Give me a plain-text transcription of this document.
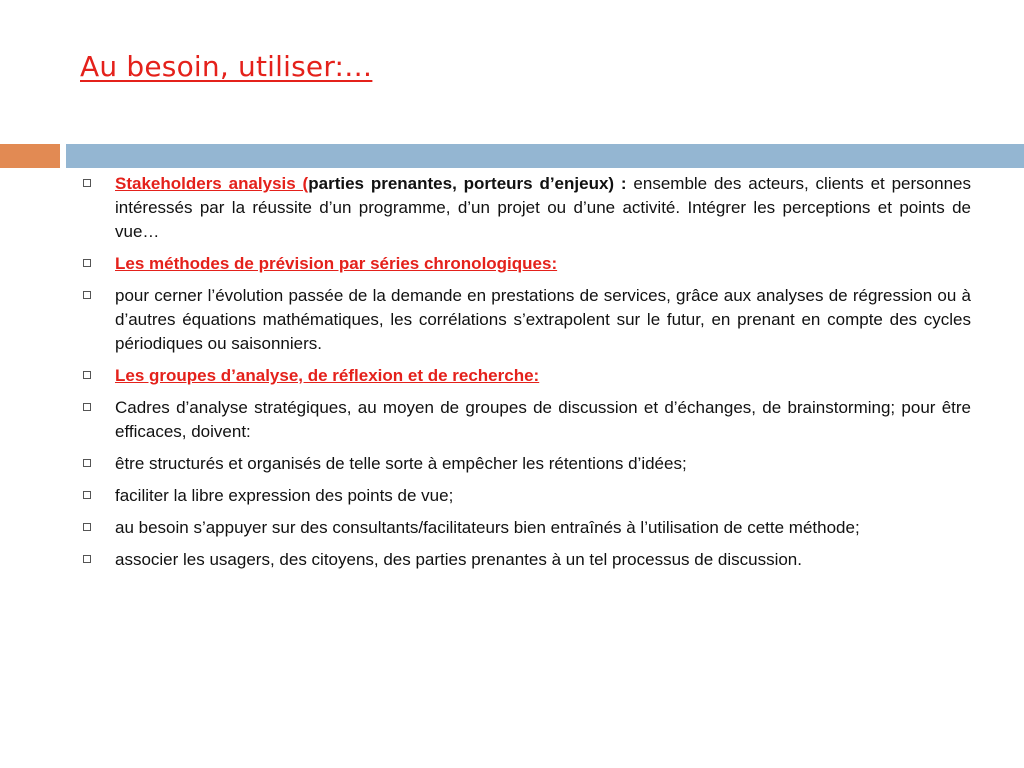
Au besoin, utiliser:…
Stakeholders analysis (parties prenantes, porteurs d’enjeux) : ensemble des acteurs, clients et personnes intéressés par la réussite d’un programme, d’un projet ou d’une activité. Intégrer les perceptions et points de vue…
Les méthodes de prévision par séries chronologiques:
pour cerner l’évolution passée de la demande en prestations de services, grâce aux analyses de régression ou à d’autres équations mathématiques, les corrélations s’extrapolent sur le futur, en prenant en compte des cycles périodiques ou saisonniers.
Les groupes d’analyse, de réflexion et de recherche:
Cadres d’analyse stratégiques, au moyen de groupes de discussion et d’échanges, de brainstorming; pour être efficaces, doivent:
être structurés et organisés de telle sorte à empêcher les rétentions d’idées;
faciliter la libre expression des points de vue;
au besoin s’appuyer sur des consultants/facilitateurs bien entraînés à l’utilisation de cette méthode;
associer les usagers, des citoyens, des parties prenantes à un tel processus de discussion.
